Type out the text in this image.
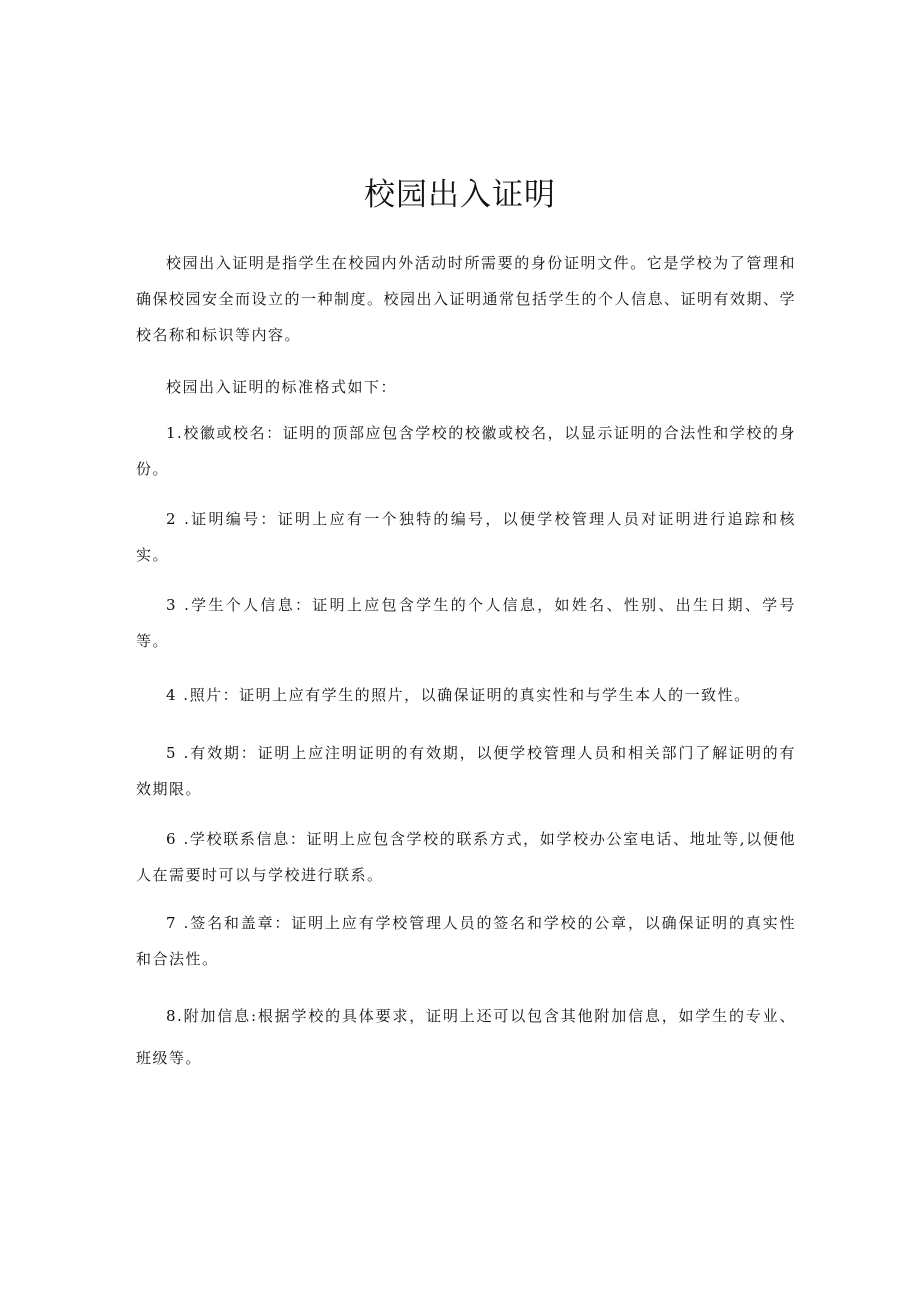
校园出入证明

校园出入证明是指学生在校园内外活动时所需要的身份证明文件。它是学校为了管理和确保校园安全而设立的一种制度。校园出入证明通常包括学生的个人信息、证明有效期、学校名称和标识等内容。

校园出入证明的标准格式如下：

1.校徽或校名：证明的顶部应包含学校的校徽或校名，以显示证明的合法性和学校的身份。

2 .证明编号：证明上应有一个独特的编号，以便学校管理人员对证明进行追踪和核实。

3 .学生个人信息：证明上应包含学生的个人信息，如姓名、性别、出生日期、学号等。

4 .照片：证明上应有学生的照片，以确保证明的真实性和与学生本人的一致性。

5 .有效期：证明上应注明证明的有效期，以便学校管理人员和相关部门了解证明的有效期限。

6 .学校联系信息：证明上应包含学校的联系方式，如学校办公室电话、地址等,以便他人在需要时可以与学校进行联系。

7 .签名和盖章：证明上应有学校管理人员的签名和学校的公章，以确保证明的真实性和合法性。

8.附加信息:根据学校的具体要求，证明上还可以包含其他附加信息，如学生的专业、班级等。
